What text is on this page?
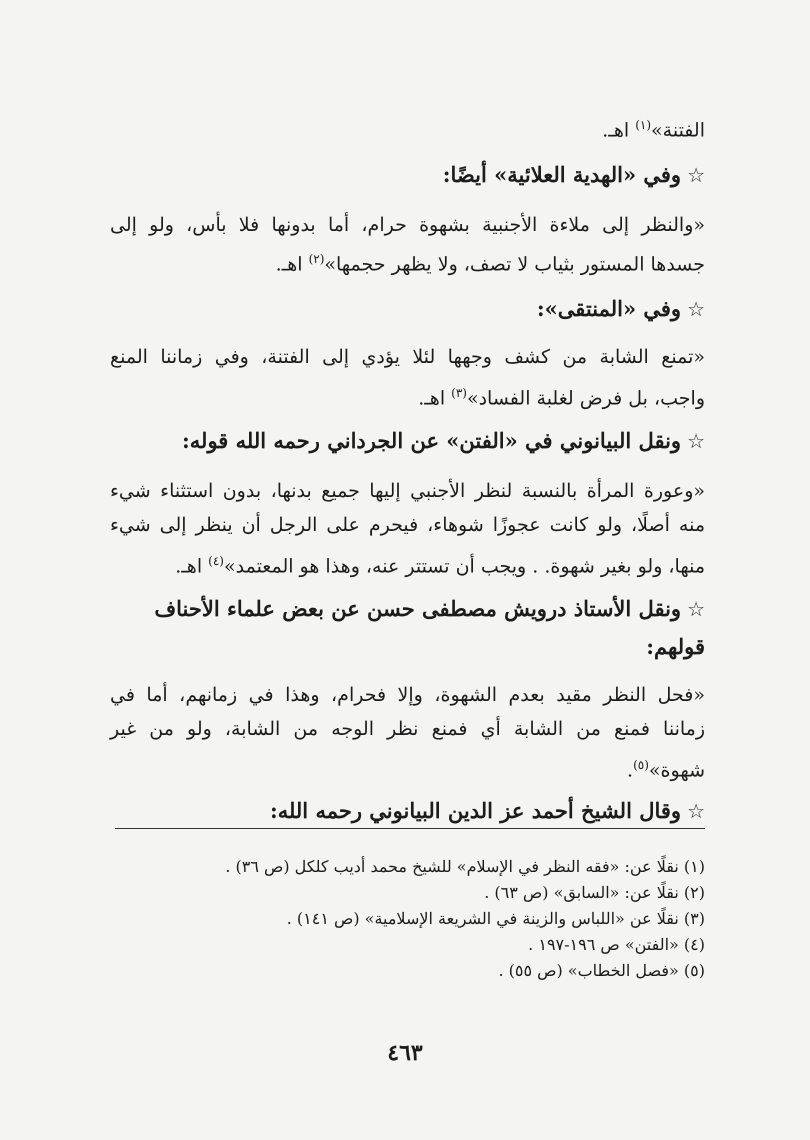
الفتنة»$^{(١)}$ اهـ.
☆وفي «الهدية العلائية» أيضًا:
«والنظر إلى ملاءة الأجنبية بشهوة حرام، أما بدونها فلا بأس، ولو إلى
جسدها المستور بثياب لا تصف، ولا يظهر حجمها»$^{(٢)}$ اهـ.
☆وفي «المنتقى»:
«تمنع الشابة من كشف وجهها لئلا يؤدي إلى الفتنة، وفي زماننا المنع
واجب، بل فرض لغلبة الفساد»$^{(٣)}$ اهـ.
☆ونقل البيانوني في «الفتن» عن الجرداني رحمه الله قوله:
«وعورة المرأة بالنسبة لنظر الأجنبي إليها جميع بدنها، بدون استثناء شيء
منه أصلًا، ولو كانت عجوزًا شوهاء، فيحرم على الرجل أن ينظر إلى شيء
منها، ولو بغير شهوة. . ويجب أن تستتر عنه، وهذا هو المعتمد»$^{(٤)}$ اهـ.
☆ونقل الأستاذ درويش مصطفى حسن عن بعض علماء الأحناف
قولهم:
«فحل النظر مقيد بعدم الشهوة، وإلا فحرام، وهذا في زمانهم، أما في
زماننا فمنع من الشابة أي فمنع نظر الوجه من الشابة، ولو من غير
شهوة»$^{(٥)}$.
☆وقال الشيخ أحمد عز الدين البيانوني رحمه الله:
(١) نقلًا عن: «فقه النظر في الإسلام» للشيخ محمد أديب كلكل (ص ٣٦) .
(٢) نقلًا عن: «السابق» (ص ٦٣) .
(٣) نقلًا عن «اللباس والزينة في الشريعة الإسلامية» (ص ١٤١) .
(٤) «الفتن» ص ١٩٦-١٩٧ .
(٥) «فصل الخطاب» (ص ٥٥) .
٤٦٣
